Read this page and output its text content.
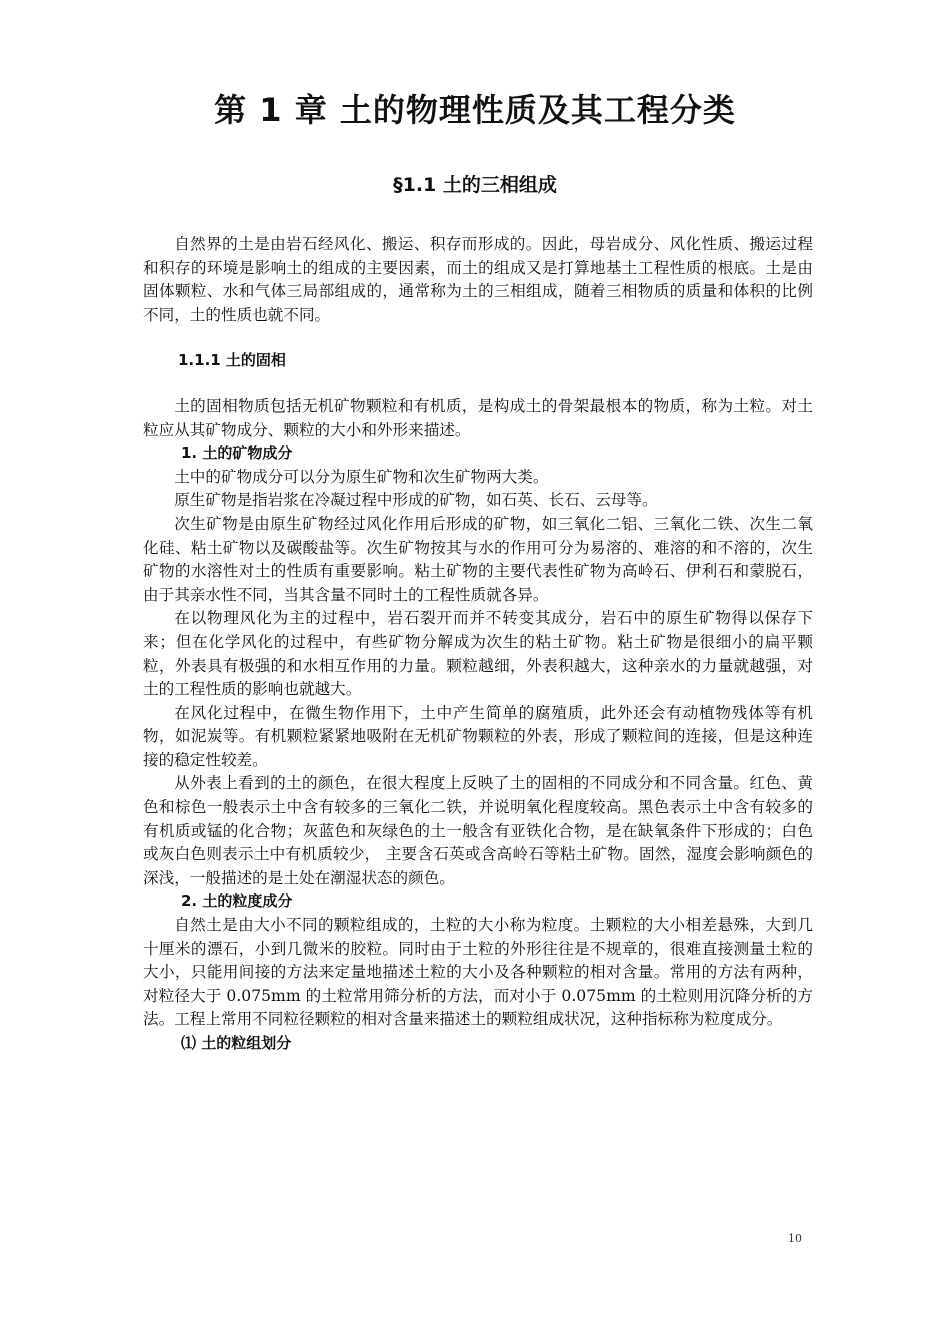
第 1 章 土的物理性质及其工程分类
§1.1 土的三相组成

自然界的土是由岩石经风化、搬运、积存而形成的。因此，母岩成分、风化性质、搬运过程和积存的环境是影响土的组成的主要因素，而土的组成又是打算地基土工程性质的根底。土是由固体颗粒、水和气体三局部组成的，通常称为土的三相组成，随着三相物质的质量和体积的比例不同，土的性质也就不同。

1.1.1 土的固相

土的固相物质包括无机矿物颗粒和有机质，是构成土的骨架最根本的物质，称为土粒。对土粒应从其矿物成分、颗粒的大小和外形来描述。

1. 土的矿物成分

土中的矿物成分可以分为原生矿物和次生矿物两大类。

原生矿物是指岩浆在冷凝过程中形成的矿物，如石英、长石、云母等。

次生矿物是由原生矿物经过风化作用后形成的矿物，如三氧化二铝、三氧化二铁、次生二氧化硅、粘土矿物以及碳酸盐等。次生矿物按其与水的作用可分为易溶的、难溶的和不溶的，次生矿物的水溶性对土的性质有重要影响。粘土矿物的主要代表性矿物为高岭石、伊利石和蒙脱石，由于其亲水性不同，当其含量不同时土的工程性质就各异。

在以物理风化为主的过程中，岩石裂开而并不转变其成分，岩石中的原生矿物得以保存下来；但在化学风化的过程中，有些矿物分解成为次生的粘土矿物。粘土矿物是很细小的扁平颗粒，外表具有极强的和水相互作用的力量。颗粒越细，外表积越大，这种亲水的力量就越强，对土的工程性质的影响也就越大。

在风化过程中，在微生物作用下，土中产生简单的腐殖质，此外还会有动植物残体等有机物，如泥炭等。有机颗粒紧紧地吸附在无机矿物颗粒的外表，形成了颗粒间的连接，但是这种连接的稳定性较差。

从外表上看到的土的颜色，在很大程度上反映了土的固相的不同成分和不同含量。红色、黄色和棕色一般表示土中含有较多的三氧化二铁，并说明氧化程度较高。黑色表示土中含有较多的有机质或锰的化合物；灰蓝色和灰绿色的土一般含有亚铁化合物，是在缺氧条件下形成的；白色或灰白色则表示土中有机质较少， 主要含石英或含高岭石等粘土矿物。固然，湿度会影响颜色的深浅，一般描述的是土处在潮湿状态的颜色。

2. 土的粒度成分

自然土是由大小不同的颗粒组成的，土粒的大小称为粒度。土颗粒的大小相差悬殊，大到几十厘米的漂石，小到几微米的胶粒。同时由于土粒的外形往往是不规章的，很难直接测量土粒的大小，只能用间接的方法来定量地描述土粒的大小及各种颗粒的相对含量。常用的方法有两种，对粒径大于 0.075mm 的土粒常用筛分析的方法，而对小于 0.075mm 的土粒则用沉降分析的方法。工程上常用不同粒径颗粒的相对含量来描述土的颗粒组成状况，这种指标称为粒度成分。

⑴ 土的粒组划分
10
